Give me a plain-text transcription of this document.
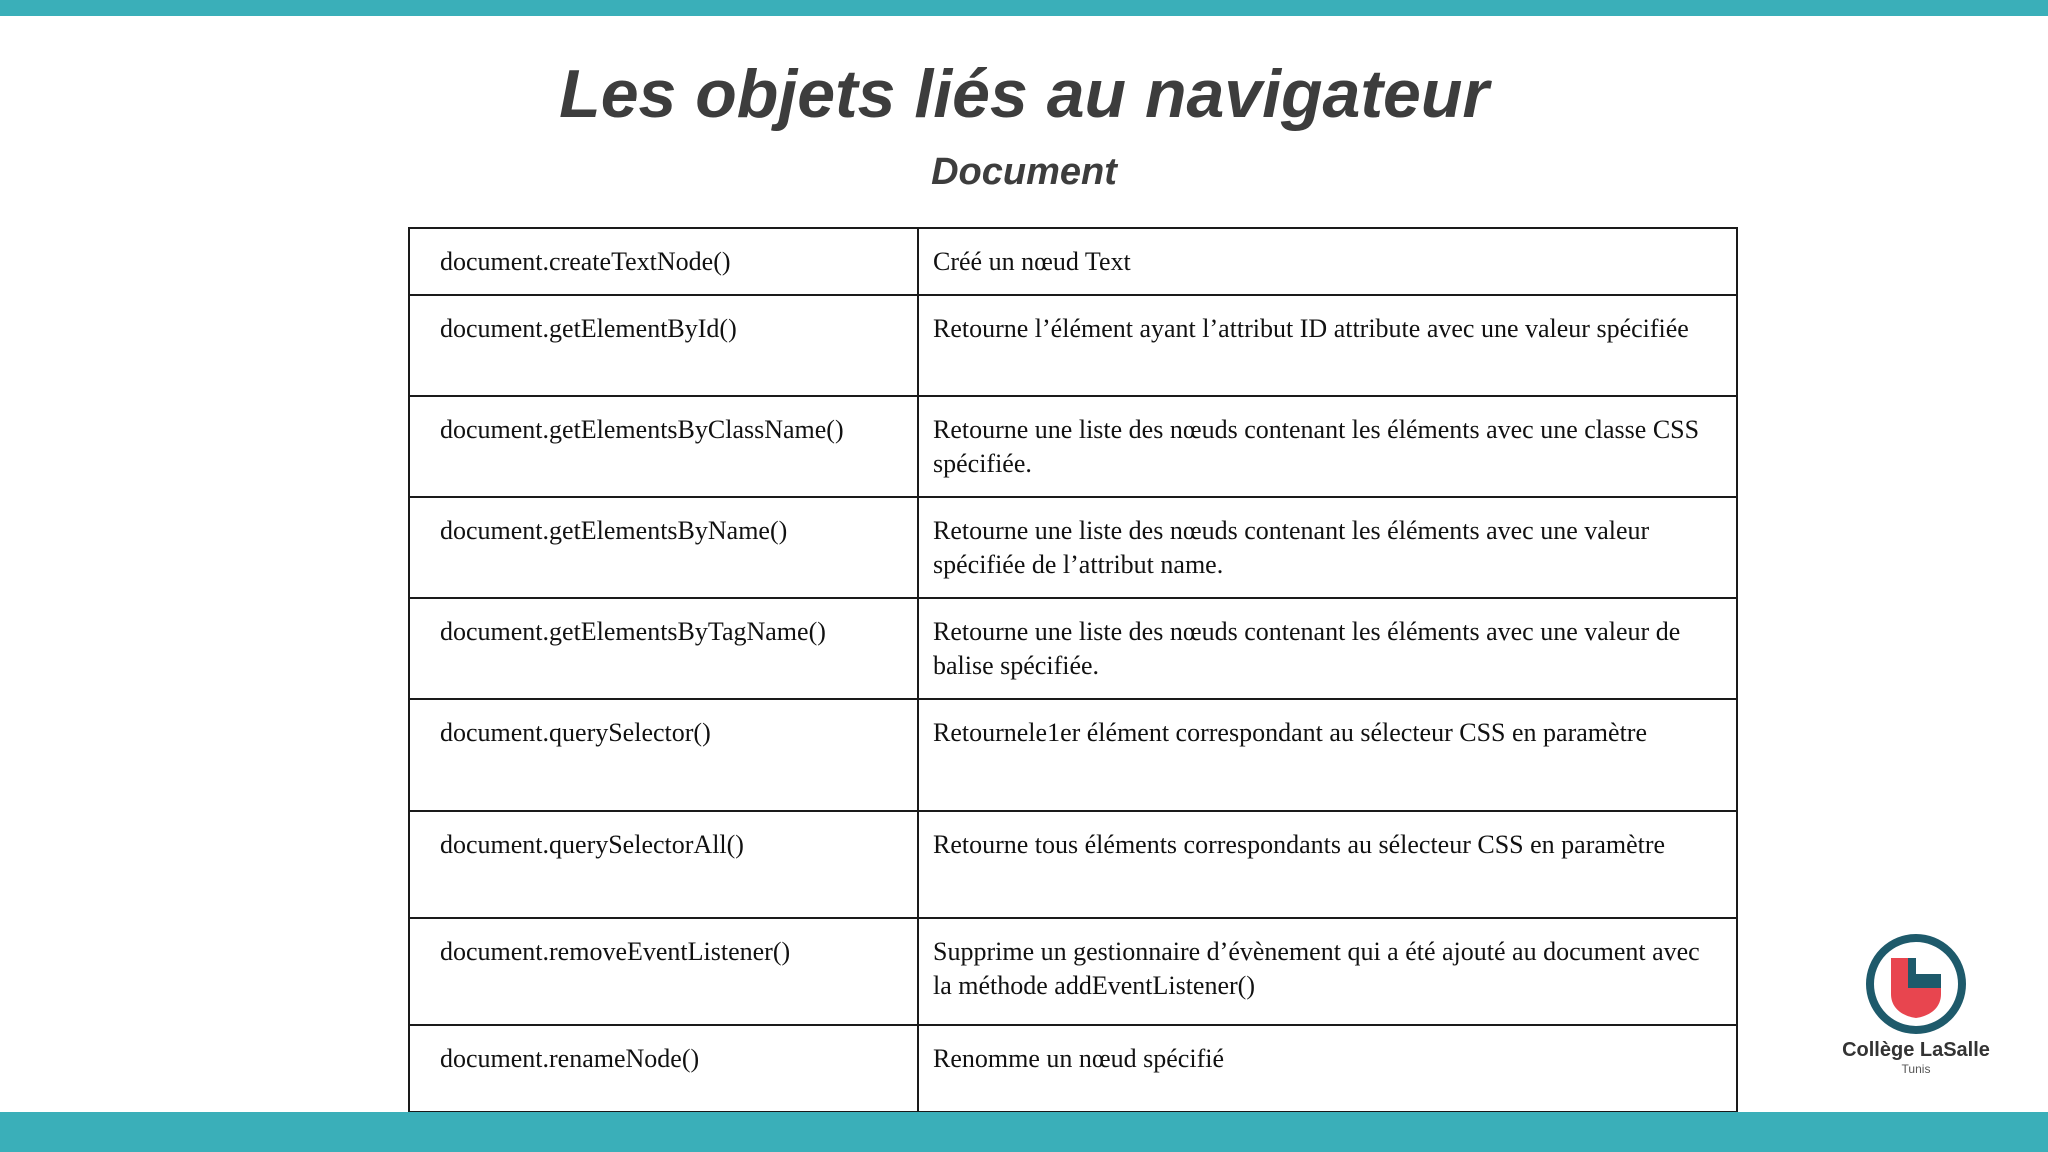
Les objets liés au navigateur
Document
document.createTextNode()	Créé un nœud Text
document.getElementById()	Retourne l’élément ayant l’attribut ID attribute avec une valeur spécifiée
document.getElementsByClassName()	Retourne une liste des nœuds contenant les éléments avec une classe CSS spécifiée.
document.getElementsByName()	Retourne une liste des nœuds contenant les éléments avec une valeur spécifiée de l’attribut name.
document.getElementsByTagName()	Retourne une liste des nœuds contenant les éléments avec une valeur de balise spécifiée.
document.querySelector()	Retournele1er élément correspondant au sélecteur CSS en paramètre
document.querySelectorAll()	Retourne tous éléments correspondants au sélecteur CSS en paramètre
document.removeEventListener()	Supprime un gestionnaire d’évènement qui a été ajouté au document avec la méthode addEventListener()
document.renameNode()	Renomme un nœud spécifié
		Collège LaSalle
Tunis
